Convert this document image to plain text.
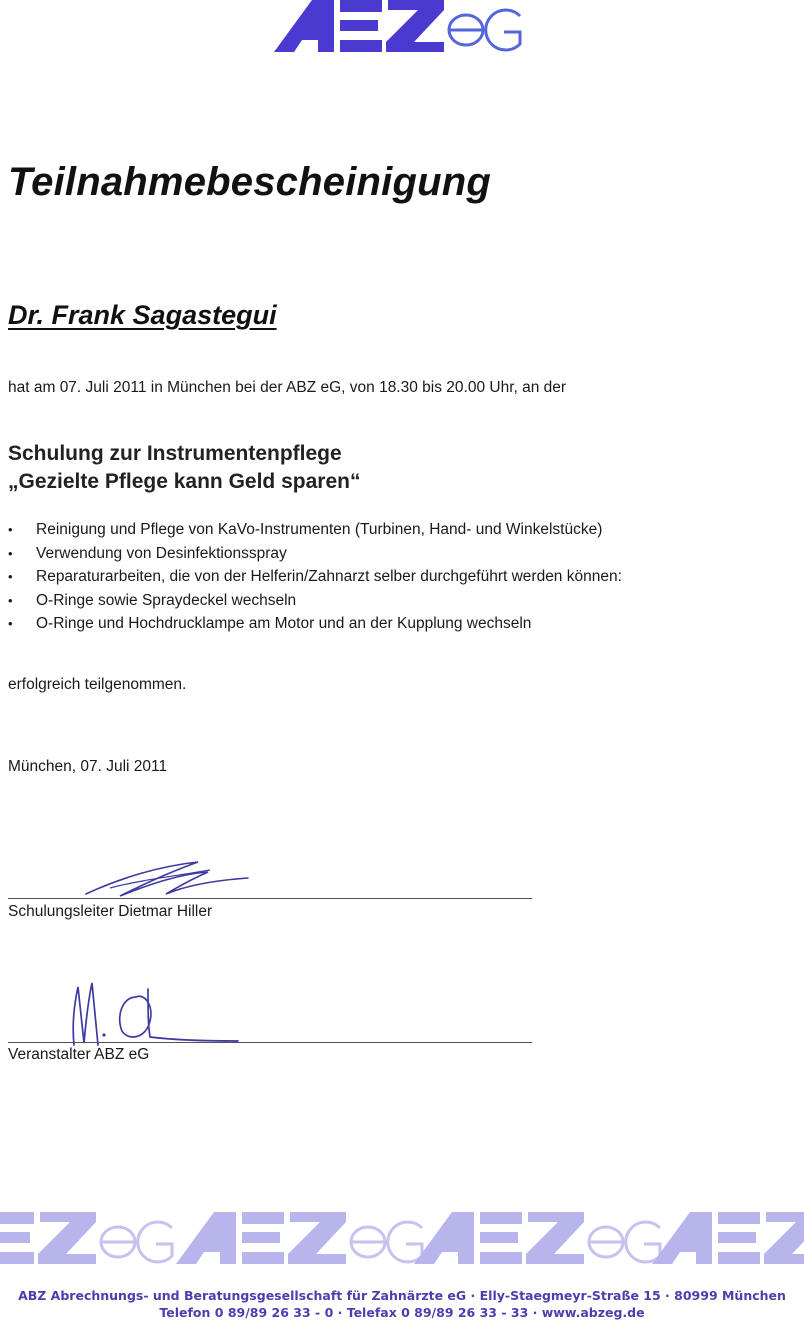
Teilnahmebescheinigung
Dr. Frank Sagastegui
hat am 07. Juli 2011 in München bei der ABZ eG, von 18.30 bis 20.00 Uhr, an der
Schulung zur Instrumentenpflege
„Gezielte Pflege kann Geld sparen“
• Reinigung und Pflege von KaVo-Instrumenten (Turbinen, Hand- und Winkelstücke)
• Verwendung von Desinfektionsspray
• Reparaturarbeiten, die von der Helferin/Zahnarzt selber durchgeführt werden können:
• O-Ringe sowie Spraydeckel wechseln
• O-Ringe und Hochdrucklampe am Motor und an der Kupplung wechseln
erfolgreich teilgenommen.
München, 07. Juli 2011
Schulungsleiter Dietmar Hiller
Veranstalter ABZ eG
ABZ Abrechnungs- und Beratungsgesellschaft für Zahnärzte eG · Elly-Staegmeyr-Straße 15 · 80999 München
Telefon 0 89/89 26 33 - 0 · Telefax 0 89/89 26 33 - 33 · www.abzeg.de
